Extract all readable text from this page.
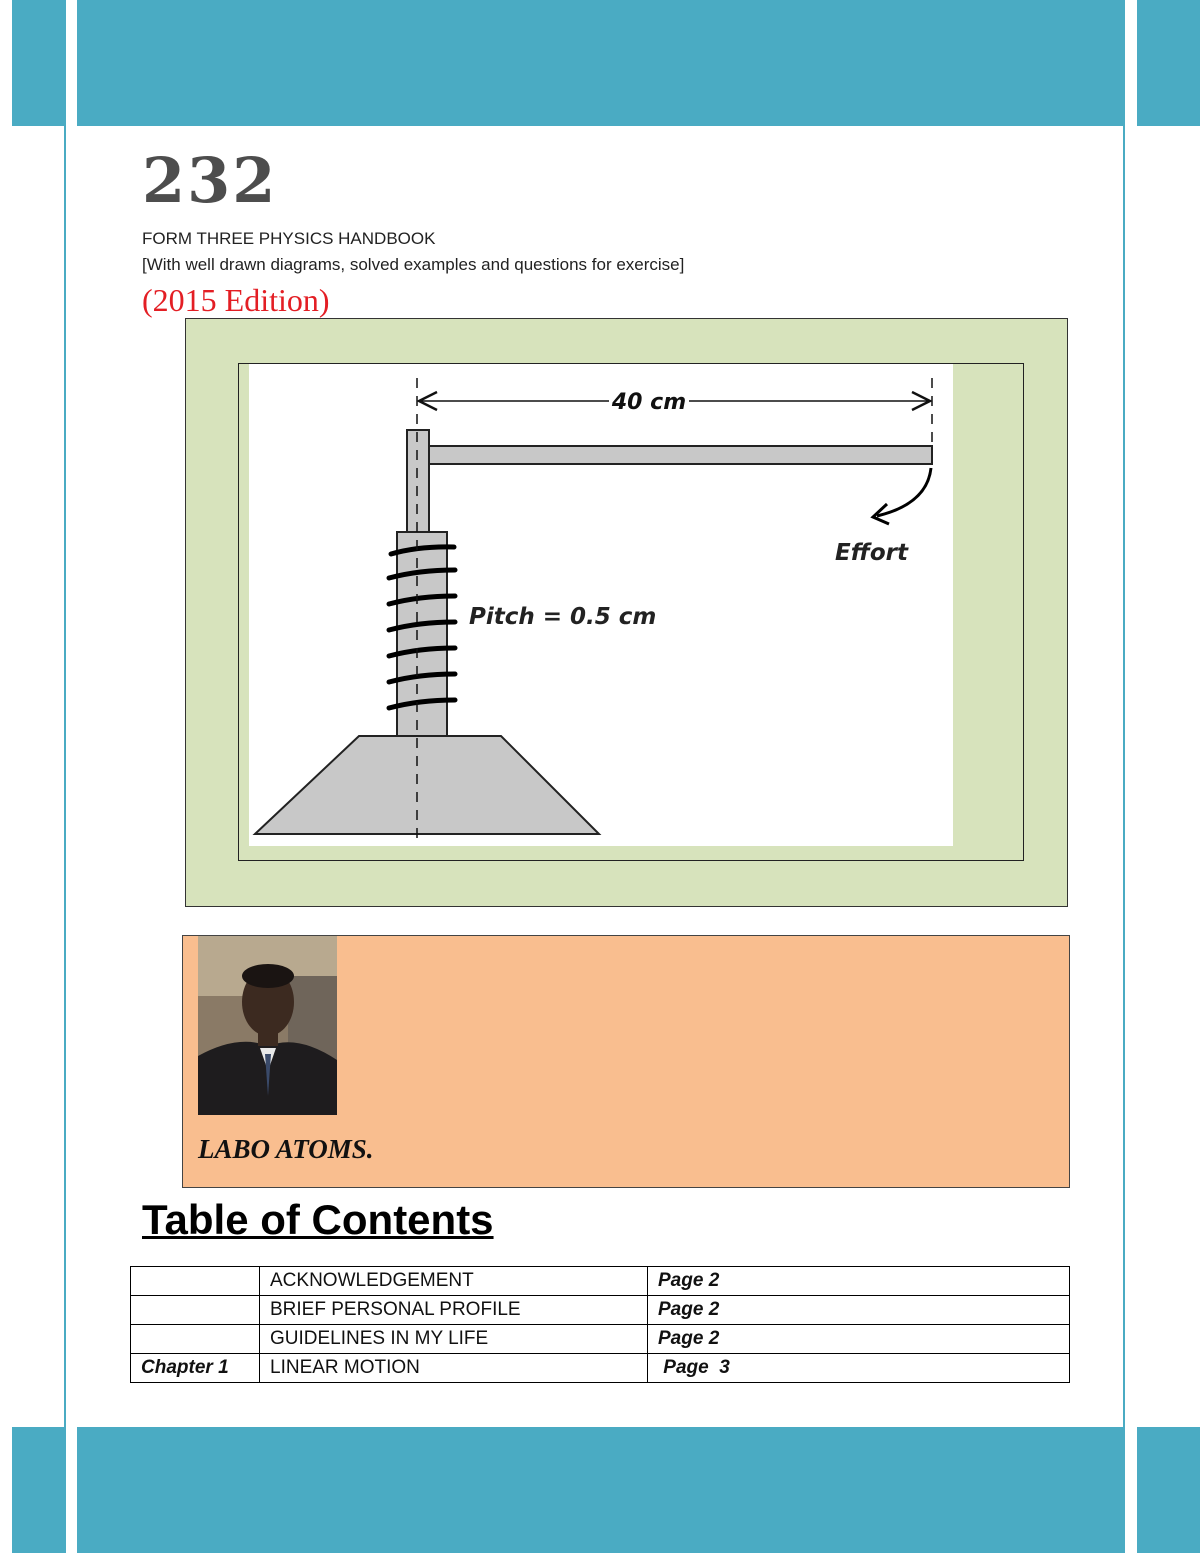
232
FORM THREE PHYSICS HANDBOOK
[With well drawn diagrams, solved examples and questions for exercise]
(2015 Edition)
40 cm
Effort
Pitch = 0.5 cm
LABO ATOMS.
Table of Contents
	ACKNOWLEDGEMENT	Page 2
	BRIEF PERSONAL PROFILE	Page 2
	GUIDELINES IN MY LIFE	Page 2
Chapter 1	LINEAR MOTION	Page  3
